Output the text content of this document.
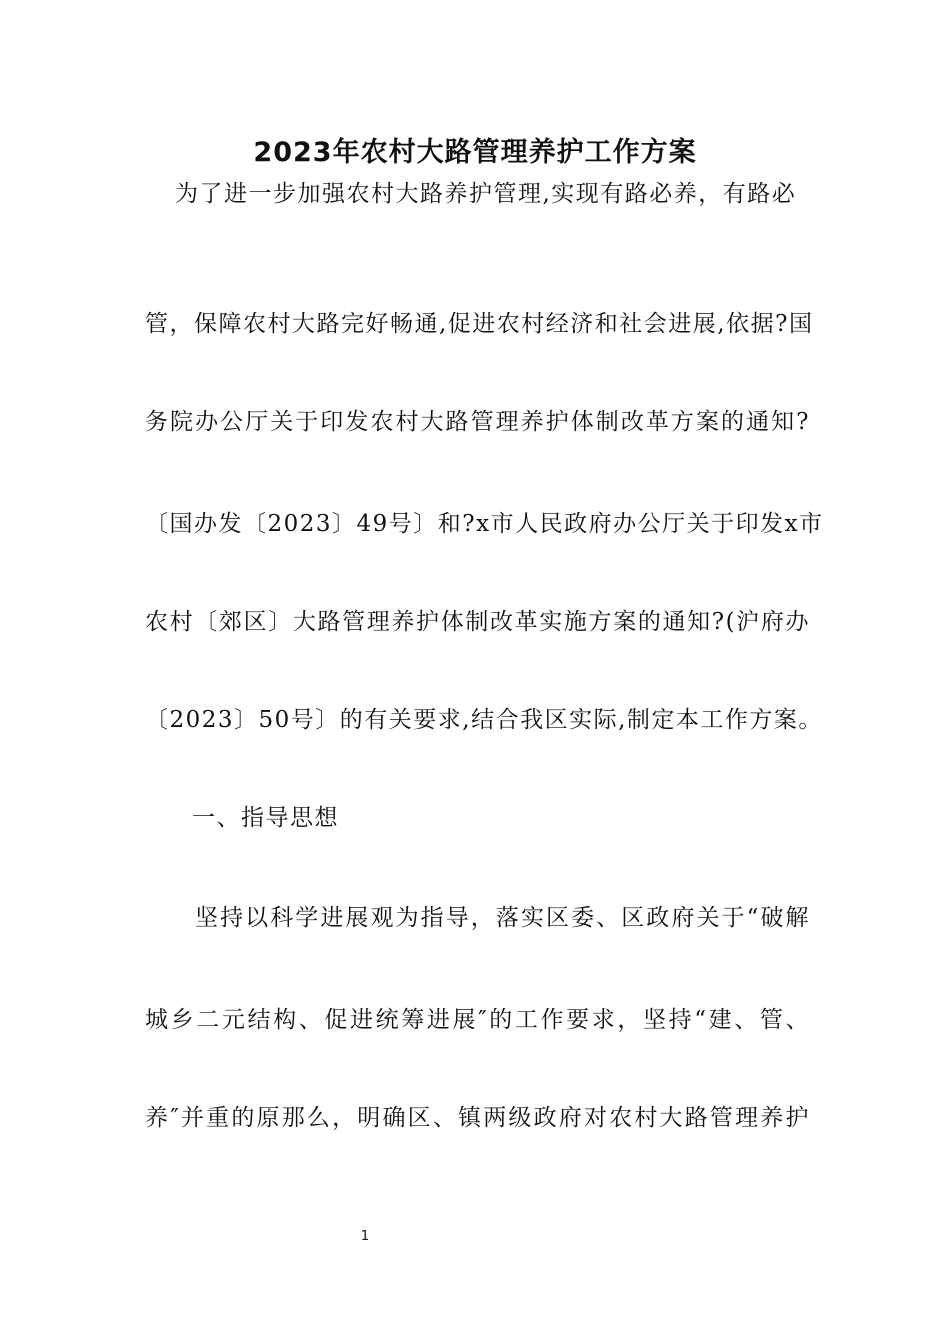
2023年农村大路管理养护工作方案

为了进一步加强农村大路养护管理,实现有路必养，有路必

管，保障农村大路完好畅通,促进农村经济和社会进展,依据?国

务院办公厅关于印发农村大路管理养护体制改革方案的通知?

〔国办发〔2023〕49号〕和?x市人民政府办公厅关于印发x市

农村〔郊区〕大路管理养护体制改革实施方案的通知?(沪府办

〔2023〕50号〕的有关要求,结合我区实际,制定本工作方案。

一、指导思想

坚持以科学进展观为指导，落实区委、区政府关于“破解

城乡二元结构、促进统筹进展″的工作要求，坚持“建、管、

养″并重的原那么，明确区、镇两级政府对农村大路管理养护

1
